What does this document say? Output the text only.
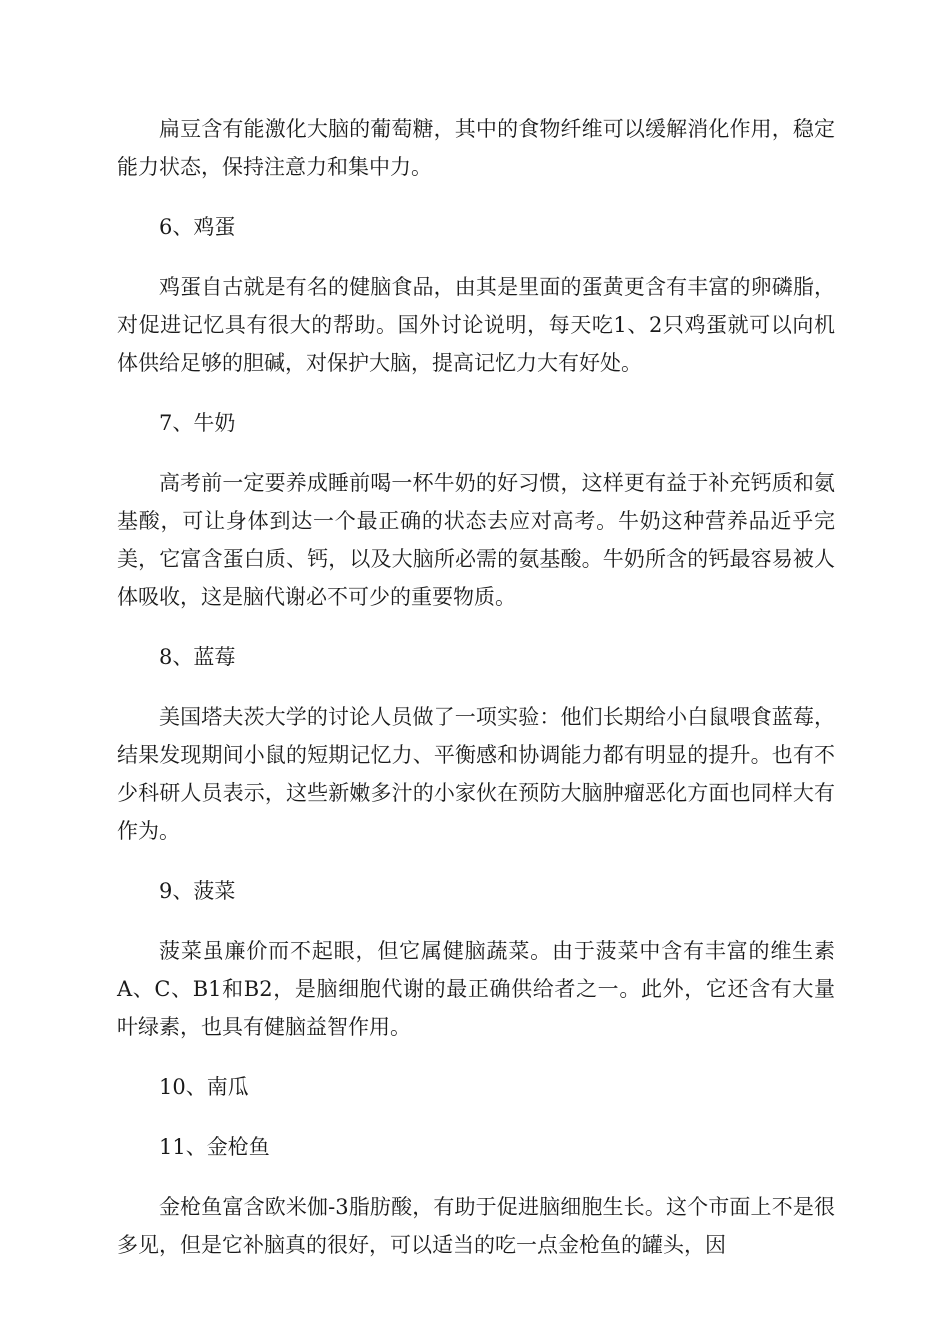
扁豆含有能激化大脑的葡萄糖，其中的食物纤维可以缓解消化作用，稳定能力状态，保持注意力和集中力。

6、鸡蛋

鸡蛋自古就是有名的健脑食品，由其是里面的蛋黄更含有丰富的卵磷脂，对促进记忆具有很大的帮助。国外讨论说明，每天吃1、2只鸡蛋就可以向机体供给足够的胆碱，对保护大脑，提高记忆力大有好处。

7、牛奶

高考前一定要养成睡前喝一杯牛奶的好习惯，这样更有益于补充钙质和氨基酸，可让身体到达一个最正确的状态去应对高考。牛奶这种营养品近乎完美，它富含蛋白质、钙，以及大脑所必需的氨基酸。牛奶所含的钙最容易被人体吸收，这是脑代谢必不可少的重要物质。

8、蓝莓

美国塔夫茨大学的讨论人员做了一项实验：他们长期给小白鼠喂食蓝莓，结果发现期间小鼠的短期记忆力、平衡感和协调能力都有明显的提升。也有不少科研人员表示，这些新嫩多汁的小家伙在预防大脑肿瘤恶化方面也同样大有作为。

9、菠菜

菠菜虽廉价而不起眼，但它属健脑蔬菜。由于菠菜中含有丰富的维生素A、C、B1和B2，是脑细胞代谢的最正确供给者之一。此外，它还含有大量叶绿素，也具有健脑益智作用。

10、南瓜

11、金枪鱼

金枪鱼富含欧米伽-3脂肪酸，有助于促进脑细胞生长。这个市面上不是很多见，但是它补脑真的很好，可以适当的吃一点金枪鱼的罐头，因
